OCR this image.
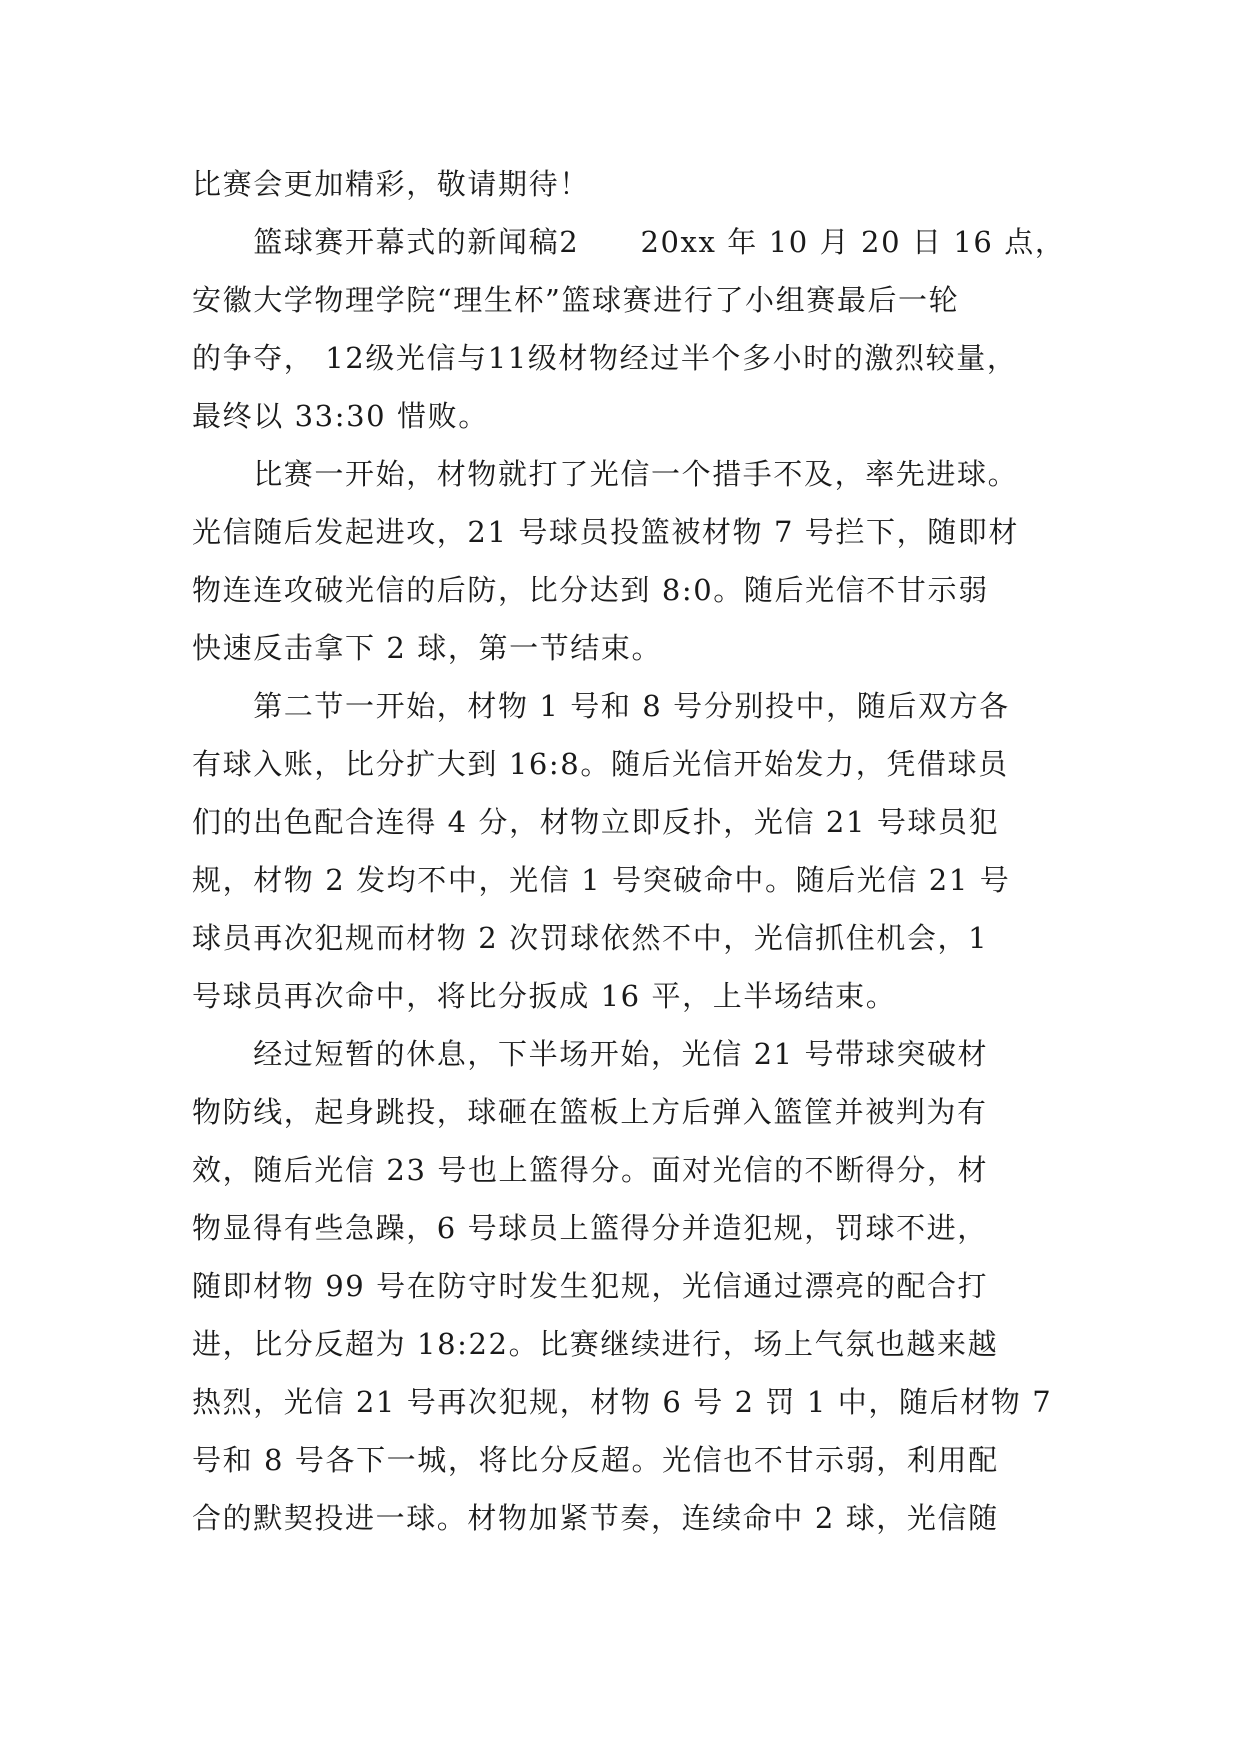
比赛会更加精彩，敬请期待！
　　篮球赛开幕式的新闻稿2　　20xx 年 10 月 20 日 16 点，
安徽大学物理学院“理生杯”篮球赛进行了小组赛最后一轮
的争夺， 12级光信与11级材物经过半个多小时的激烈较量，
最终以 33:30 惜败。
　　比赛一开始，材物就打了光信一个措手不及，率先进球。
光信随后发起进攻，21 号球员投篮被材物 7 号拦下，随即材
物连连攻破光信的后防，比分达到 8:0。随后光信不甘示弱
快速反击拿下 2 球，第一节结束。
　　第二节一开始，材物 1 号和 8 号分别投中，随后双方各
有球入账，比分扩大到 16:8。随后光信开始发力，凭借球员
们的出色配合连得 4 分，材物立即反扑，光信 21 号球员犯
规，材物 2 发均不中，光信 1 号突破命中。随后光信 21 号
球员再次犯规而材物 2 次罚球依然不中，光信抓住机会，1
号球员再次命中，将比分扳成 16 平，上半场结束。
　　经过短暂的休息，下半场开始，光信 21 号带球突破材
物防线，起身跳投，球砸在篮板上方后弹入篮筐并被判为有
效，随后光信 23 号也上篮得分。面对光信的不断得分，材
物显得有些急躁，6 号球员上篮得分并造犯规，罚球不进，
随即材物 99 号在防守时发生犯规，光信通过漂亮的配合打
进，比分反超为 18:22。比赛继续进行，场上气氛也越来越
热烈，光信 21 号再次犯规，材物 6 号 2 罚 1 中，随后材物 7
号和 8 号各下一城，将比分反超。光信也不甘示弱，利用配
合的默契投进一球。材物加紧节奏，连续命中 2 球，光信随
